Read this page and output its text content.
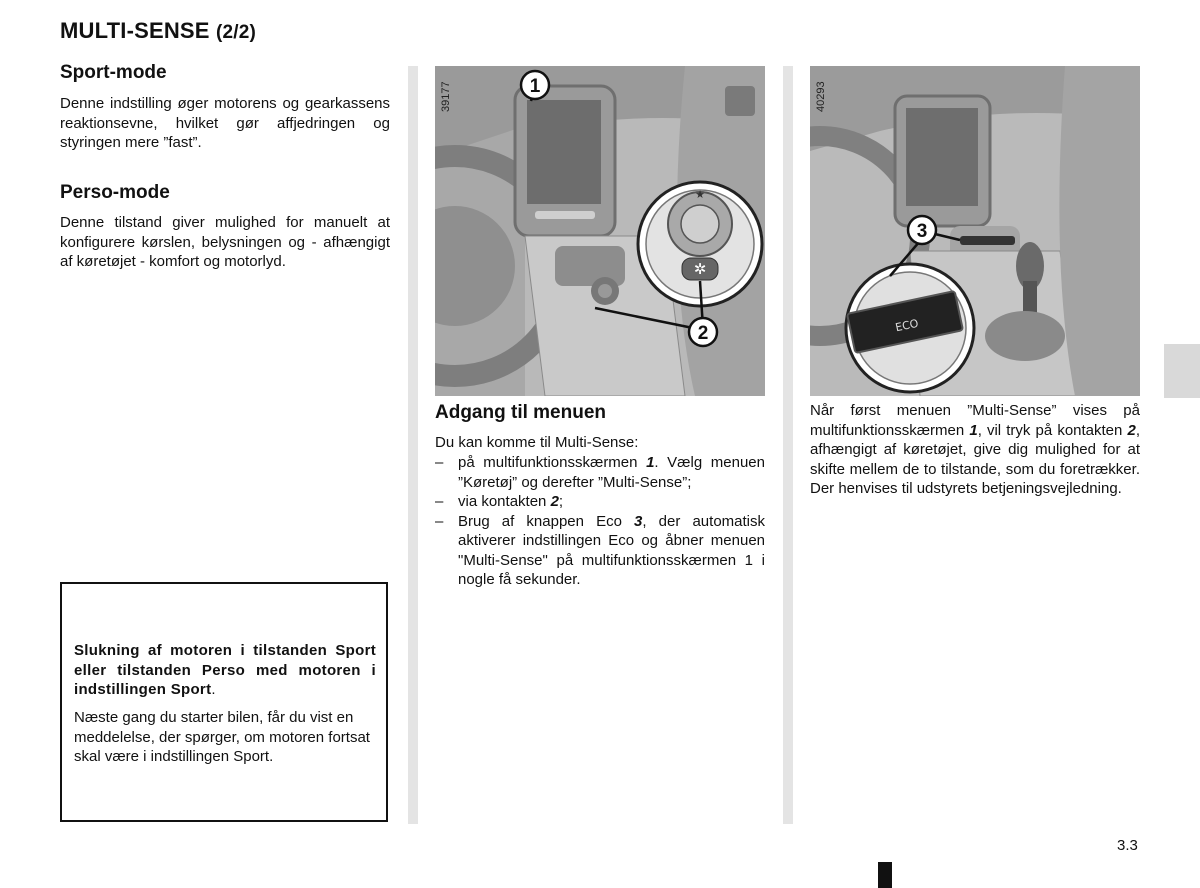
MULTI-SENSE (2/2)
Sport-mode
Denne indstilling øger motorens og gearkassens reaktionsevne, hvilket gør affjedringen og styringen mere ”fast”.
Perso-mode
Denne tilstand giver mulighed for manuelt at konfigurere kørslen, belysningen og - afhængigt af køretøjet - komfort og motorlyd.
Slukning af motoren i tilstanden Sport eller tilstanden Perso med motoren i indstillingen Sport.
Næste gang du starter bilen, får du vist en meddelelse, der spørger, om motoren fortsat skal være i indstillingen Sport.
✲
★
1
2
39177
ECO
3
40293
Adgang til menuen
Du kan komme til Multi-Sense:
– på multifunktionsskærmen 1. Vælg menuen ”Køretøj” og derefter ”Multi-Sense”;
– via kontakten 2;
– Brug af knappen Eco 3, der automatisk aktiverer indstillingen Eco og åbner menuen "Multi-Sense" på multifunktionsskærmen 1 i nogle få sekunder.
Når først menuen ”Multi-Sense” vises på multifunktionsskærmen 1, vil tryk på kontakten 2, afhængigt af køretøjet, give dig mulighed for at skifte mellem de to tilstande, som du foretrækker. Der henvises til udstyrets betjeningsvejledning.
3.3
